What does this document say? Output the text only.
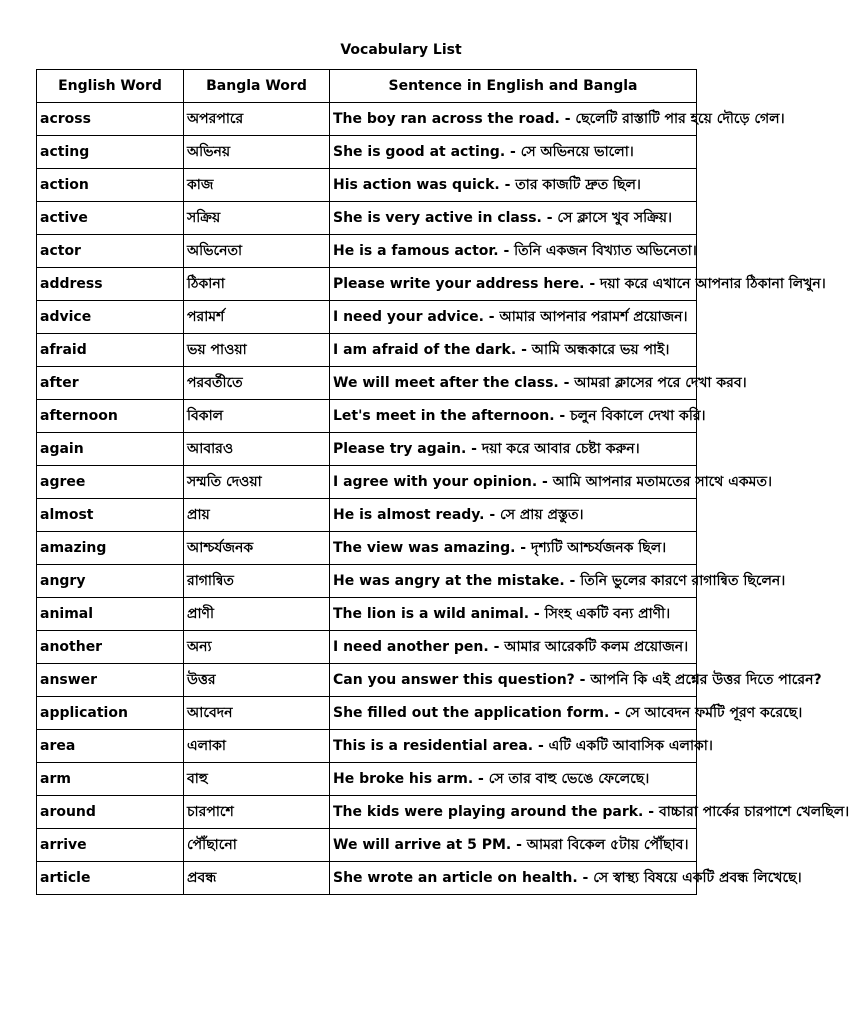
Vocabulary List
English Word	Bangla Word	Sentence in English and Bangla
across	অপরপারে	The boy ran across the road. - ছেলেটি রাস্তাটি পার হয়ে দৌড়ে গেল।

acting	অভিনয়	She is good at acting. - সে অভিনয়ে ভালো।

action	কাজ	His action was quick. - তার কাজটি দ্রুত ছিল।

active	সক্রিয়	She is very active in class. - সে ক্লাসে খুব সক্রিয়।

actor	অভিনেতা	He is a famous actor. - তিনি একজন বিখ্যাত অভিনেতা।

address	ঠিকানা	Please write your address here. - দয়া করে এখানে আপনার ঠিকানা লিখুন।

advice	পরামর্শ	I need your advice. - আমার আপনার পরামর্শ প্রয়োজন।

afraid	ভয় পাওয়া	I am afraid of the dark. - আমি অন্ধকারে ভয় পাই।

after	পরবর্তীতে	We will meet after the class. - আমরা ক্লাসের পরে দেখা করব।

afternoon	বিকাল	Let's meet in the afternoon. - চলুন বিকালে দেখা করি।

again	আবারও	Please try again. - দয়া করে আবার চেষ্টা করুন।

agree	সম্মতি দেওয়া	I agree with your opinion. - আমি আপনার মতামতের সাথে একমত।

almost	প্রায়	He is almost ready. - সে প্রায় প্রস্তুত।

amazing	আশ্চর্যজনক	The view was amazing. - দৃশ্যটি আশ্চর্যজনক ছিল।

angry	রাগান্বিত	He was angry at the mistake. - তিনি ভুলের কারণে রাগান্বিত ছিলেন।

animal	প্রাণী	The lion is a wild animal. - সিংহ একটি বন্য প্রাণী।

another	অন্য	I need another pen. - আমার আরেকটি কলম প্রয়োজন।

answer	উত্তর	Can you answer this question? - আপনি কি এই প্রশ্নের উত্তর দিতে পারেন?

application	আবেদন	She filled out the application form. - সে আবেদন ফর্মটি পূরণ করেছে।

area	এলাকা	This is a residential area. - এটি একটি আবাসিক এলাকা।

arm	বাহু	He broke his arm. - সে তার বাহু ভেঙে ফেলেছে।

around	চারপাশে	The kids were playing around the park. - বাচ্চারা পার্কের চারপাশে খেলছিল।

arrive	পৌঁছানো	We will arrive at 5 PM. - আমরা বিকেল ৫টায় পৌঁছাব।

article	প্রবন্ধ	She wrote an article on health. - সে স্বাস্থ্য বিষয়ে একটি প্রবন্ধ লিখেছে।
